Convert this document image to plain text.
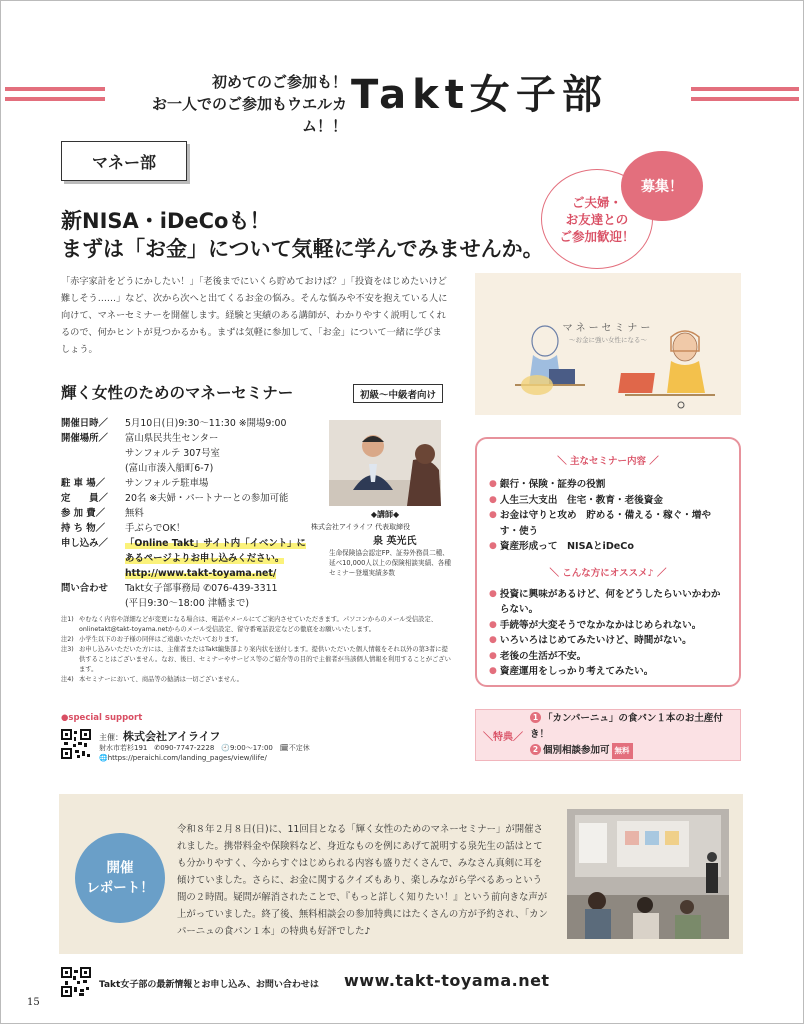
初めてのご参加も！
お一人でのご参加もウエルカム！！
Takt女子部
マネー部
ご夫婦・
お友達との
ご参加歓迎！
募集！
新NISA・iDeCoも！
まずは「お金」について気軽に学んでみませんか。
「赤字家計をどうにかしたい！」「老後までにいくら貯めておけば？」「投資をはじめたいけど難しそう……」など、次から次へと出てくるお金の悩み。そんな悩みや不安を抱えている人に向けて、マネーセミナーを開催します。経験と実績のある講師が、わかりやすく説明してくれるので、何かヒントが見つかるかも。まずは気軽に参加して、「お金」について一緒に学びましょう。
マネーセミナー
～お金に強い女性になる～
輝く女性のためのマネーセミナー	初級～中級者向け
開催日時／	5月10日(日)9:30～11:30 ※開場9:00
開催場所／	富山県民共生センター
サンフォルテ 307号室
(富山市湊入船町6-7)
駐 車 場／	サンフォルテ駐車場
定　　員／	20名 ※夫婦・パートナーとの参加可能
参 加 費／	無料
持 ち 物／	手ぶらでOK！
申し込み／	「Online Takt」サイト内「イベント」に
あるページよりお申し込みください。
http://www.takt-toyama.net/
問い合わせ	Takt女子部事務局 ✆076-439-3311
(平日9:30～18:00 津幡まで)
◆講師◆
株式会社アイライフ 代表取締役
泉 英光氏
生命保険協会認定FP、証券外務員二種、延べ10,000人以上の保険相談実績、各種セミナー登壇実績多数
＼ 主なセミナー内容 ／
● 銀行・保険・証券の役割
● 人生三大支出　住宅・教育・老後資金
● お金は守りと攻め　貯める・備える・稼ぐ・増やす・使う
● 資産形成って　NISAとiDeCo
＼ こんな方にオススメ♪ ／
● 投資に興味があるけど、何をどうしたらいいかわからない。
● 手続等が大変そうでなかなかはじめられない。
● いろいろはじめてみたいけど、時間がない。
● 老後の生活が不安。
● 資産運用をしっかり考えてみたい。
注1) やむなく内容や詳細などが変更になる場合は、電話やメールにてご案内させていただきます。パソコンからのメール受信設定、onlinetakt@takt-toyama.netからのメール受信設定、留守番電話設定などの徹底をお願いいたします。
注2) 小学生以下のお子様の同伴はご遠慮いただいております。
注3) お申し込みいただいた方には、主催者またはTakt編集部より案内状を送付します。提供いただいた個人情報をそれ以外の第3者に提供することはございません。なお、後日、セミナーやサービス等のご紹介等の目的で主催者が当該個人情報を利用することがございます。
注4) 本セミナーにおいて、商品等の勧誘は一切ございません。
●special support
主催：株式会社アイライフ
射水市若杉191　✆090-7747-2228　🕘9:00～17:00　🗓不定休
🌐https://peraichi.com/landing_pages/view/ilife/
＼特典／
1 「カンパーニュ」の食パン１本のお土産付き！
2 個別相談参加可 無料
開催
レポート！
令和８年２月８日(日)に、11回目となる「輝く女性のためのマネーセミナー」が開催されました。携帯料金や保険料など、身近なものを例にあげて説明する泉先生の話はとても分かりやすく、今からすぐはじめられる内容も盛りだくさんで、みなさん真剣に耳を傾けていました。さらに、お金に関するクイズもあり、楽しみながら学べるあっという間の２時間。疑問が解消されたことで、『もっと詳しく知りたい！』という前向きな声が上がっていました。終了後、無料相談会の参加特典にはたくさんの方が予約され、「カンパーニュの食パン１本」の特典も好評でした♪
Takt女子部の最新情報とお申し込み、お問い合わせは www.takt-toyama.net
15
